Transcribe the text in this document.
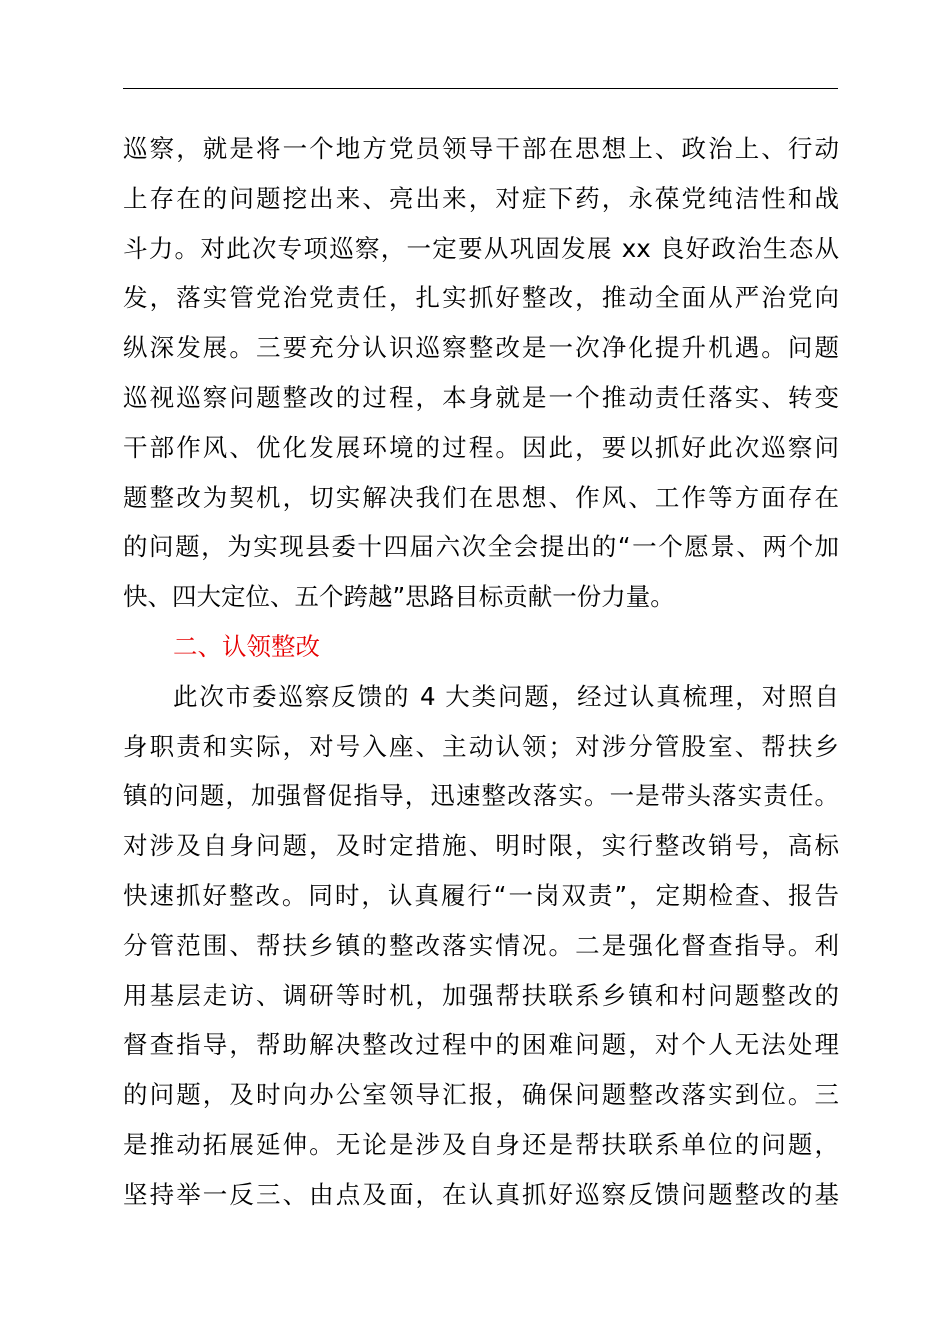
巡察，就是将一个地方党员领导干部在思想上、政治上、行动
上存在的问题挖出来、亮出来，对症下药，永葆党纯洁性和战
斗力。对此次专项巡察，一定要从巩固发展 xx 良好政治生态从
发，落实管党治党责任，扎实抓好整改，推动全面从严治党向
纵深发展。三要充分认识巡察整改是一次净化提升机遇。问题
巡视巡察问题整改的过程，本身就是一个推动责任落实、转变
干部作风、优化发展环境的过程。因此，要以抓好此次巡察问
题整改为契机，切实解决我们在思想、作风、工作等方面存在
的问题，为实现县委十四届六次全会提出的“一个愿景、两个加
快、四大定位、五个跨越”思路目标贡献一份力量。
二、认领整改
此次市委巡察反馈的 4 大类问题，经过认真梳理，对照自
身职责和实际，对号入座、主动认领；对涉分管股室、帮扶乡
镇的问题，加强督促指导，迅速整改落实。一是带头落实责任。
对涉及自身问题，及时定措施、明时限，实行整改销号，高标
快速抓好整改。同时，认真履行“一岗双责”，定期检查、报告
分管范围、帮扶乡镇的整改落实情况。二是强化督查指导。利
用基层走访、调研等时机，加强帮扶联系乡镇和村问题整改的
督查指导，帮助解决整改过程中的困难问题，对个人无法处理
的问题，及时向办公室领导汇报，确保问题整改落实到位。三
是推动拓展延伸。无论是涉及自身还是帮扶联系单位的问题，
坚持举一反三、由点及面，在认真抓好巡察反馈问题整改的基
